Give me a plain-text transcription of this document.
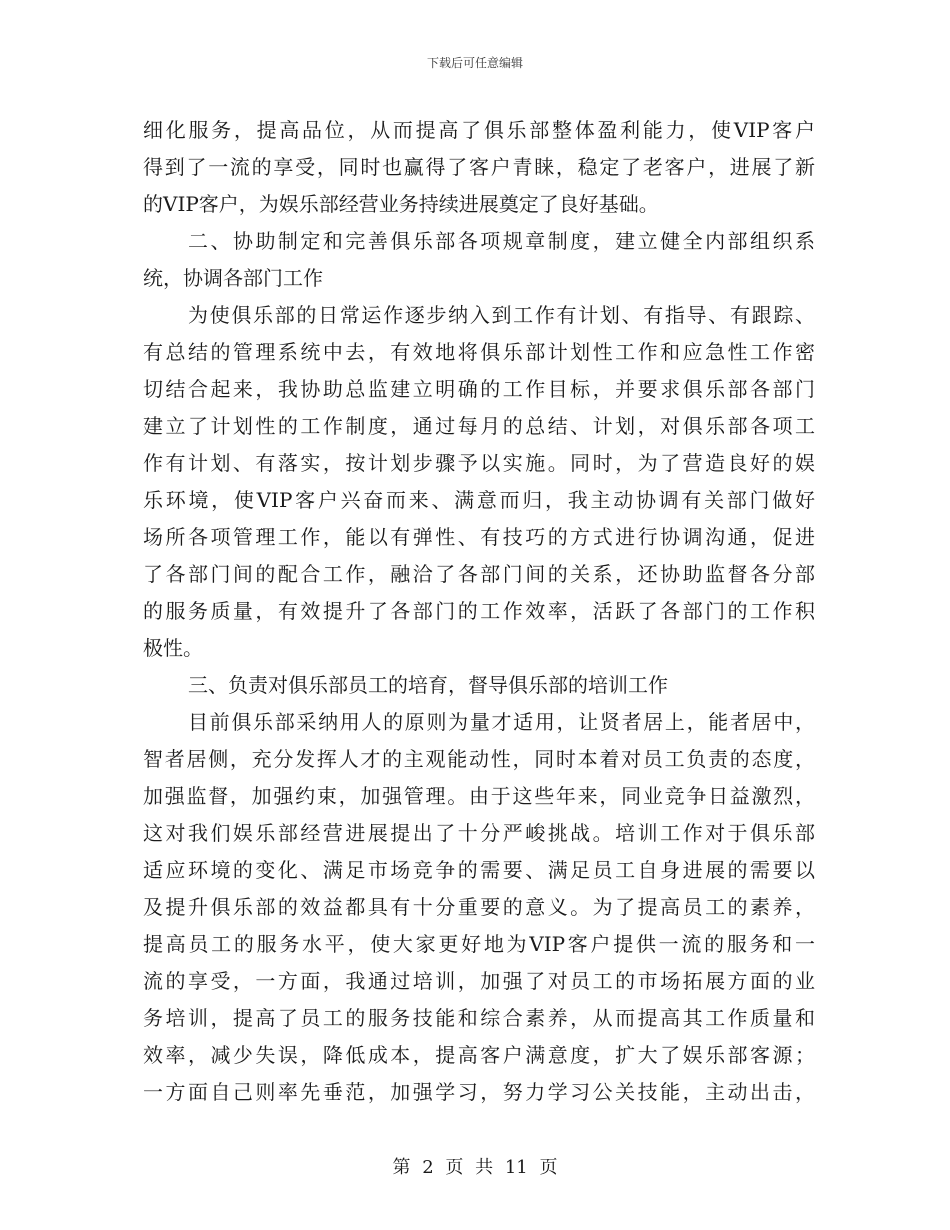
下载后可任意编辑
细化服务，提高品位，从而提高了俱乐部整体盈利能力，使VIP客户
得到了一流的享受，同时也赢得了客户青睐，稳定了老客户，进展了新
的VIP客户，为娱乐部经营业务持续进展奠定了良好基础。
二、协助制定和完善俱乐部各项规章制度，建立健全内部组织系
统，协调各部门工作
为使俱乐部的日常运作逐步纳入到工作有计划、有指导、有跟踪、
有总结的管理系统中去，有效地将俱乐部计划性工作和应急性工作密
切结合起来，我协助总监建立明确的工作目标，并要求俱乐部各部门
建立了计划性的工作制度，通过每月的总结、计划，对俱乐部各项工
作有计划、有落实，按计划步骤予以实施。同时，为了营造良好的娱
乐环境，使VIP客户兴奋而来、满意而归，我主动协调有关部门做好
场所各项管理工作，能以有弹性、有技巧的方式进行协调沟通，促进
了各部门间的配合工作，融洽了各部门间的关系，还协助监督各分部
的服务质量，有效提升了各部门的工作效率，活跃了各部门的工作积
极性。
三、负责对俱乐部员工的培育，督导俱乐部的培训工作
目前俱乐部采纳用人的原则为量才适用，让贤者居上，能者居中，
智者居侧，充分发挥人才的主观能动性，同时本着对员工负责的态度，
加强监督，加强约束，加强管理。由于这些年来，同业竞争日益激烈，
这对我们娱乐部经营进展提出了十分严峻挑战。培训工作对于俱乐部
适应环境的变化、满足市场竞争的需要、满足员工自身进展的需要以
及提升俱乐部的效益都具有十分重要的意义。为了提高员工的素养，
提高员工的服务水平，使大家更好地为VIP客户提供一流的服务和一
流的享受，一方面，我通过培训，加强了对员工的市场拓展方面的业
务培训，提高了员工的服务技能和综合素养，从而提高其工作质量和
效率，减少失误，降低成本，提高客户满意度，扩大了娱乐部客源；
一方面自己则率先垂范，加强学习，努力学习公关技能，主动出击，
第 2 页 共 11 页
